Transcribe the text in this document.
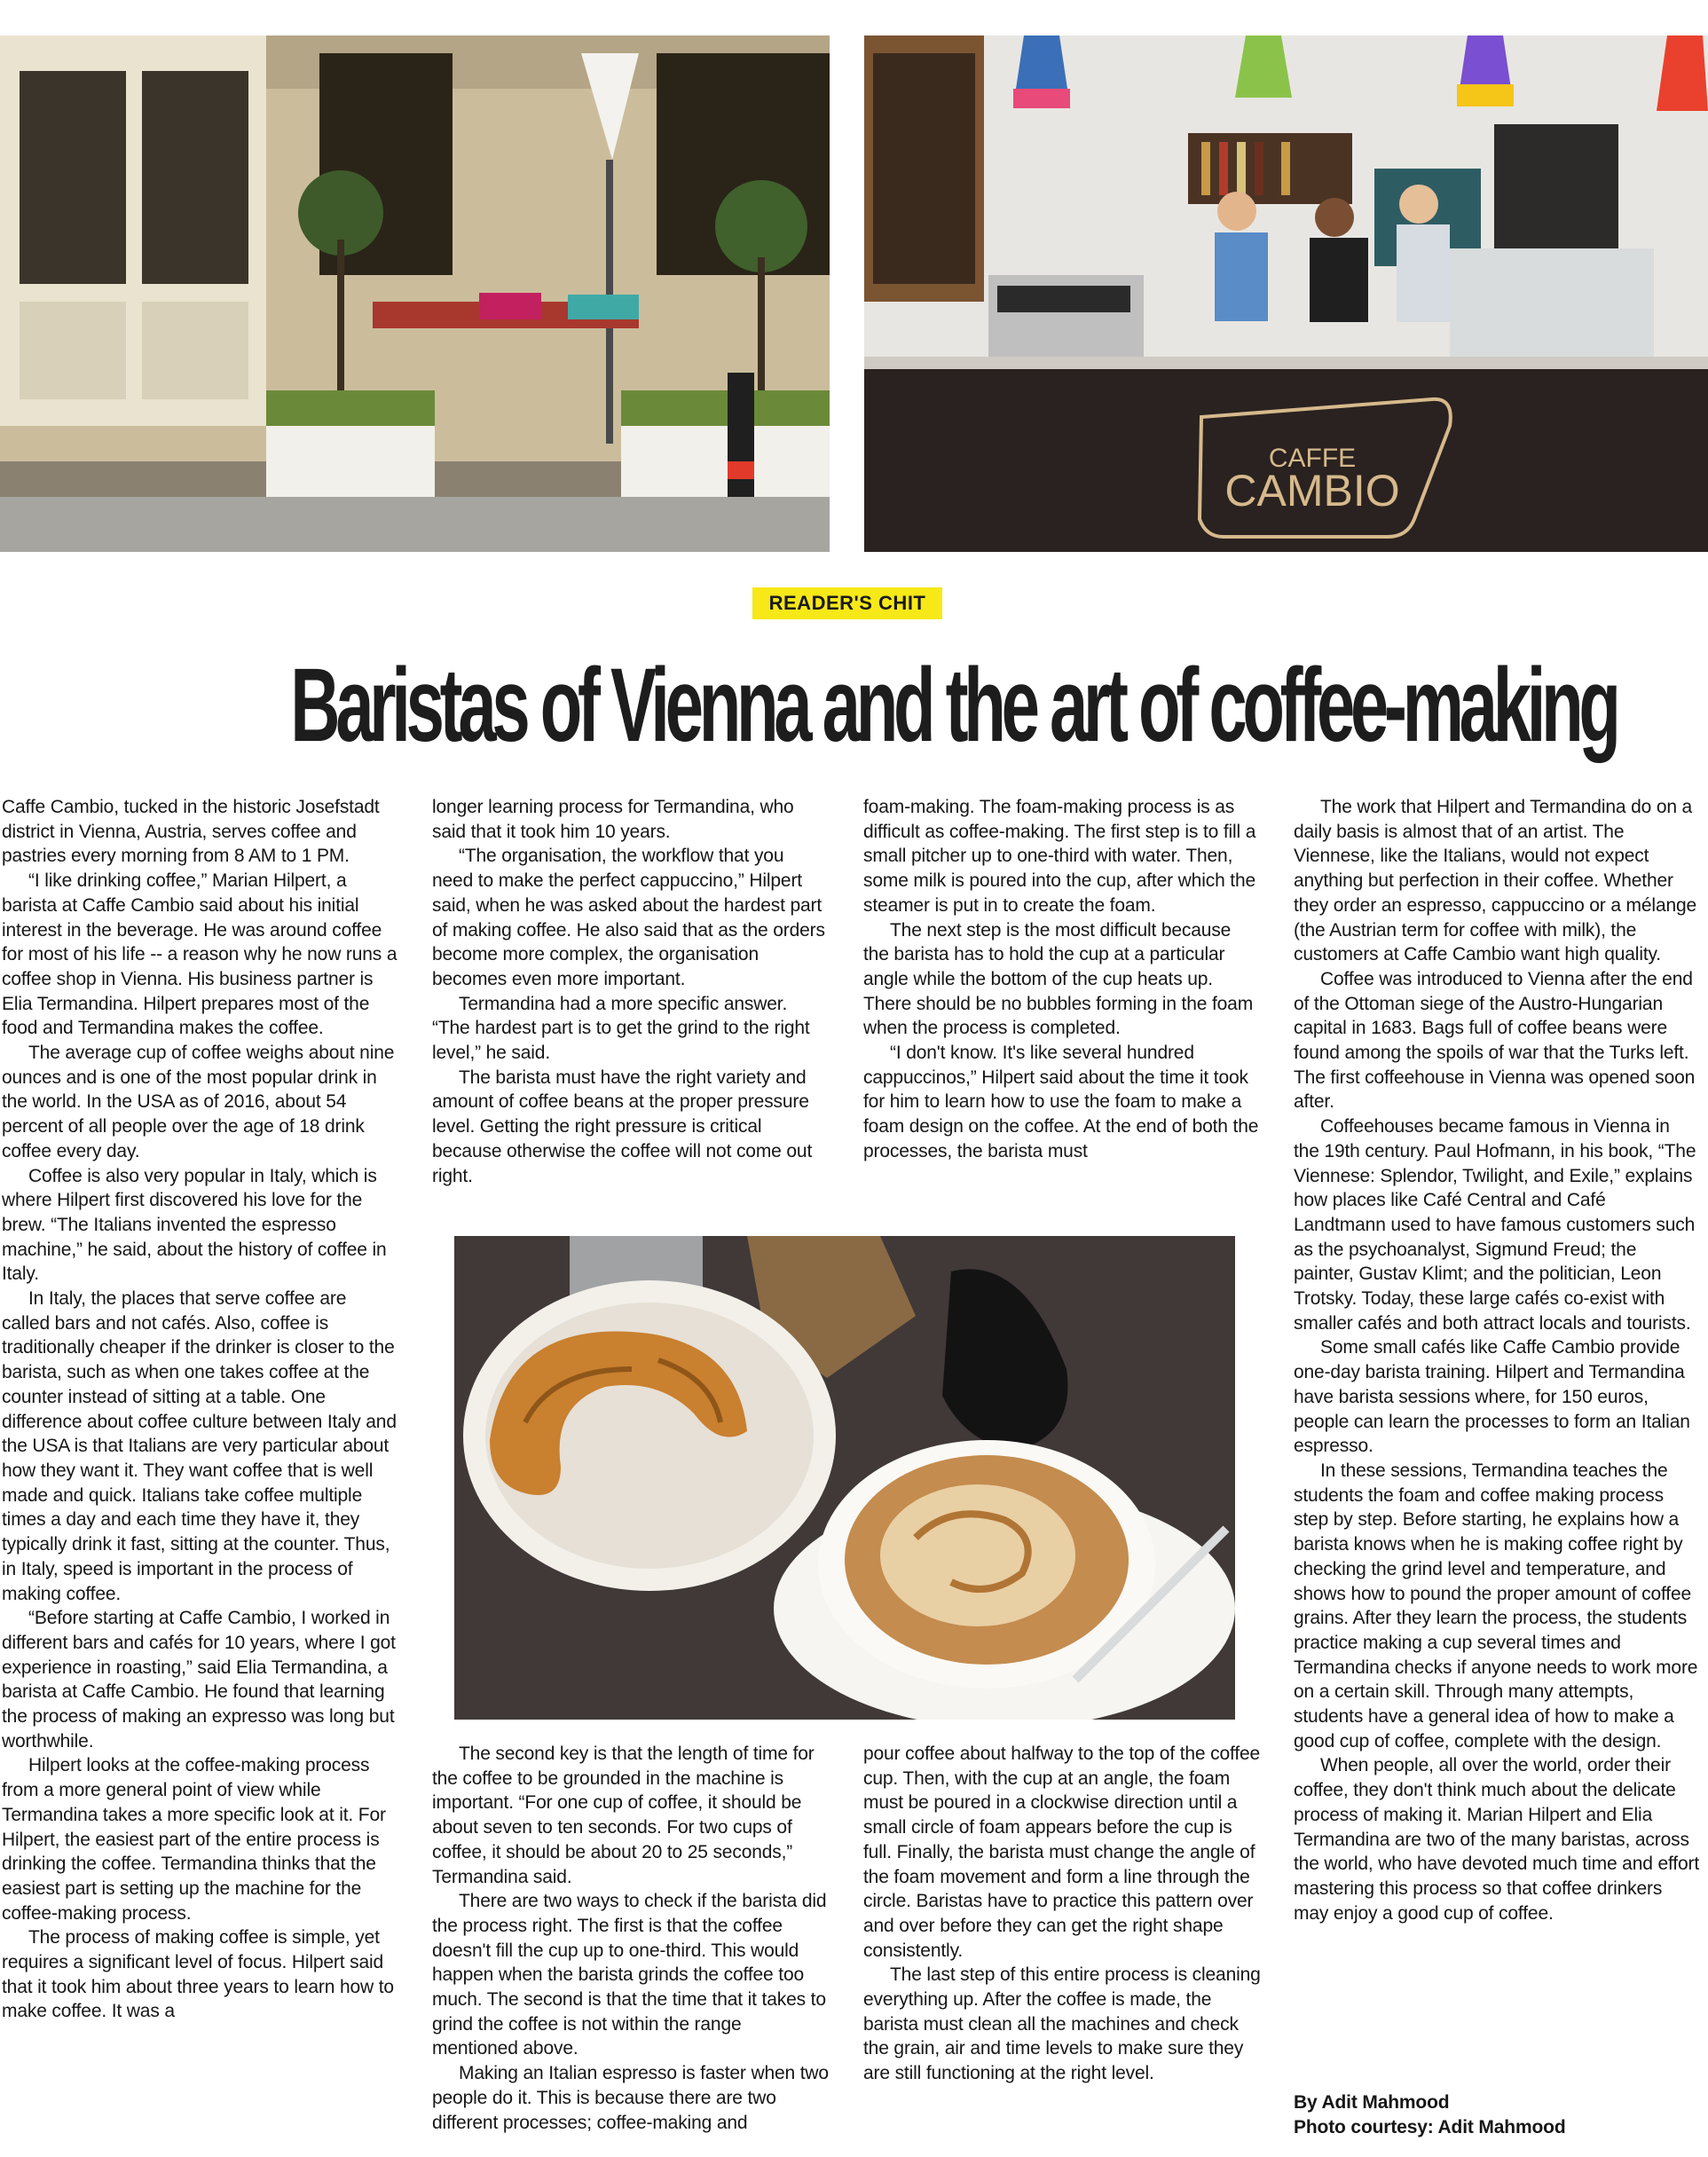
CAFFE
CAMBIO
READER'S CHIT
Baristas of Vienna and the art of coffee-making

Caffe Cambio, tucked in the historic Josefstadt district in Vienna, Austria, serves coffee and pastries every morning from 8 AM to 1 PM.

“I like drinking coffee,” Marian Hilpert, a barista at Caffe Cambio said about his initial interest in the beverage. He was around coffee for most of his life -- a reason why he now runs a coffee shop in Vienna. His business partner is Elia Termandina. Hilpert prepares most of the food and Termandina makes the coffee.

The average cup of coffee weighs about nine ounces and is one of the most popular drink in the world. In the USA as of 2016, about 54 percent of all people over the age of 18 drink coffee every day.

Coffee is also very popular in Italy, which is where Hilpert first discovered his love for the brew. “The Italians invented the espresso machine,” he said, about the history of coffee in Italy.

In Italy, the places that serve coffee are called bars and not cafés. Also, coffee is traditionally cheaper if the drinker is closer to the barista, such as when one takes coffee at the counter instead of sitting at a table. One difference about coffee culture between Italy and the USA is that Italians are very particular about how they want it. They want coffee that is well made and quick. Italians take coffee multiple times a day and each time they have it, they typically drink it fast, sitting at the counter. Thus, in Italy, speed is important in the process of making coffee.

“Before starting at Caffe Cambio, I worked in different bars and cafés for 10 years, where I got experience in roasting,” said Elia Termandina, a barista at Caffe Cambio. He found that learning the process of making an expresso was long but worthwhile.

Hilpert looks at the coffee-making process from a more general point of view while Termandina takes a more specific look at it. For Hilpert, the easiest part of the entire process is drinking the coffee. Termandina thinks that the easiest part is setting up the machine for the coffee-making process.

The process of making coffee is simple, yet requires a significant level of focus. Hilpert said that it took him about three years to learn how to make coffee. It was a

longer learning process for Termandina, who said that it took him 10 years.

“The organisation, the workflow that you need to make the perfect cappuccino,” Hilpert said, when he was asked about the hardest part of making coffee. He also said that as the orders become more complex, the organisation becomes even more important.

Termandina had a more specific answer. “The hardest part is to get the grind to the right level,” he said.

The barista must have the right variety and amount of coffee beans at the proper pressure level. Getting the right pressure is critical because otherwise the coffee will not come out right.

foam-making. The foam-making process is as difficult as coffee-making. The first step is to fill a small pitcher up to one-third with water. Then, some milk is poured into the cup, after which the steamer is put in to create the foam.

The next step is the most difficult because the barista has to hold the cup at a particular angle while the bottom of the cup heats up. There should be no bubbles forming in the foam when the process is completed.

“I don't know. It's like several hundred cappuccinos,” Hilpert said about the time it took for him to learn how to use the foam to make a foam design on the coffee. At the end of both the processes, the barista must

The second key is that the length of time for the coffee to be grounded in the machine is important. “For one cup of coffee, it should be about seven to ten seconds. For two cups of coffee, it should be about 20 to 25 seconds,” Termandina said.

There are two ways to check if the barista did the process right. The first is that the coffee doesn't fill the cup up to one-third. This would happen when the barista grinds the coffee too much. The second is that the time that it takes to grind the coffee is not within the range mentioned above.

Making an Italian espresso is faster when two people do it. This is because there are two different processes; coffee-making and

pour coffee about halfway to the top of the coffee cup. Then, with the cup at an angle, the foam must be poured in a clockwise direction until a small circle of foam appears before the cup is full. Finally, the barista must change the angle of the foam movement and form a line through the circle. Baristas have to practice this pattern over and over before they can get the right shape consistently.

The last step of this entire process is cleaning everything up. After the coffee is made, the barista must clean all the machines and check the grain, air and time levels to make sure they are still functioning at the right level.

The work that Hilpert and Termandina do on a daily basis is almost that of an artist. The Viennese, like the Italians, would not expect anything but perfection in their coffee. Whether they order an espresso, cappuccino or a mélange (the Austrian term for coffee with milk), the customers at Caffe Cambio want high quality.

Coffee was introduced to Vienna after the end of the Ottoman siege of the Austro-Hungarian capital in 1683. Bags full of coffee beans were found among the spoils of war that the Turks left. The first coffeehouse in Vienna was opened soon after.

Coffeehouses became famous in Vienna in the 19th century. Paul Hofmann, in his book, “The Viennese: Splendor, Twilight, and Exile,” explains how places like Café Central and Café Landtmann used to have famous customers such as the psychoanalyst, Sigmund Freud; the painter, Gustav Klimt; and the politician, Leon Trotsky. Today, these large cafés co-exist with smaller cafés and both attract locals and tourists.

Some small cafés like Caffe Cambio provide one-day barista training. Hilpert and Termandina have barista sessions where, for 150 euros, people can learn the processes to form an Italian espresso.

In these sessions, Termandina teaches the students the foam and coffee making process step by step. Before starting, he explains how a barista knows when he is making coffee right by checking the grind level and temperature, and shows how to pound the proper amount of coffee grains. After they learn the process, the students practice making a cup several times and Termandina checks if anyone needs to work more on a certain skill. Through many attempts, students have a general idea of how to make a good cup of coffee, complete with the design.

When people, all over the world, order their coffee, they don't think much about the delicate process of making it. Marian Hilpert and Elia Termandina are two of the many baristas, across the world, who have devoted much time and effort mastering this process so that coffee drinkers may enjoy a good cup of coffee.

By Adit Mahmood

Photo courtesy: Adit Mahmood
